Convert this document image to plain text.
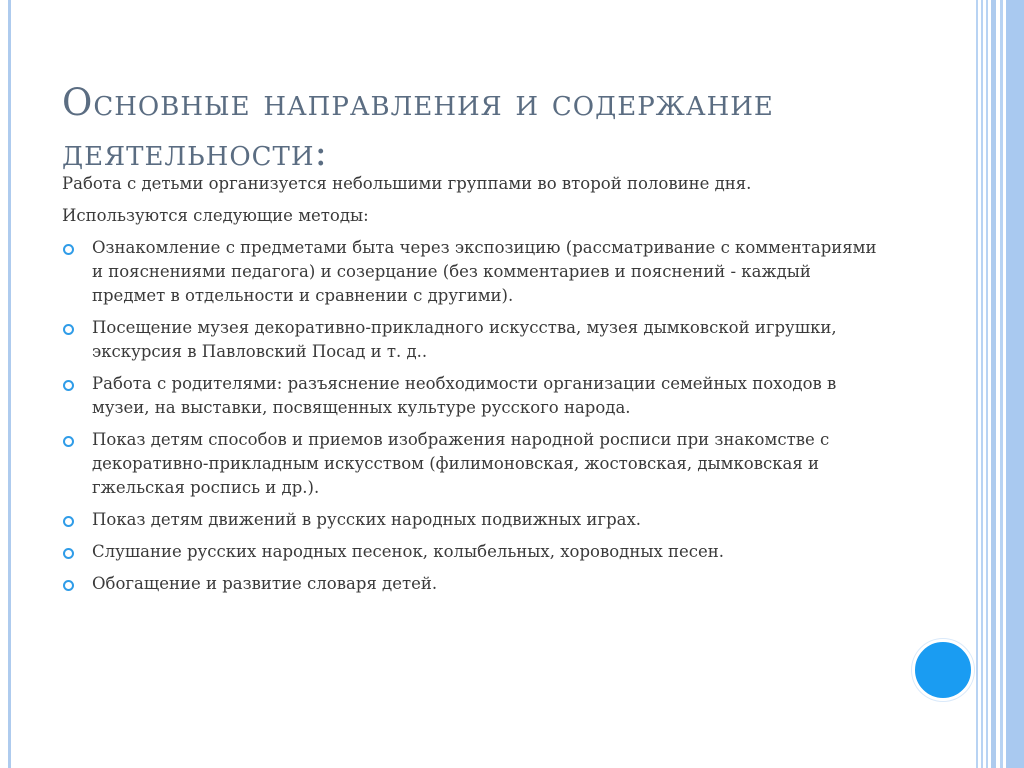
Основные направления и содержание деятельности:

Работа с детьми организуется небольшими группами во второй половине дня.

Используются следующие методы:

Ознакомление с предметами быта через экспозицию (рассматривание с комментариями и пояснениями педагога) и созерцание (без комментариев и пояснений - каждый предмет в отдельности и сравнении с другими).
Посещение музея декоративно-прикладного искусства, музея дымковской игрушки, экскурсия в Павловский Посад и т. д..
Работа с родителями: разъяснение необходимости организации семейных походов в музеи, на выставки, посвященных культуре русского народа.
Показ детям способов и приемов изображения народной росписи при знакомстве с декоративно-прикладным искусством (филимоновская, жостовская, дымковская и гжельская роспись и др.).
Показ детям движений в русских народных подвижных играх.
Слушание русских народных песенок, колыбельных, хороводных песен.
Обогащение и развитие словаря детей.
